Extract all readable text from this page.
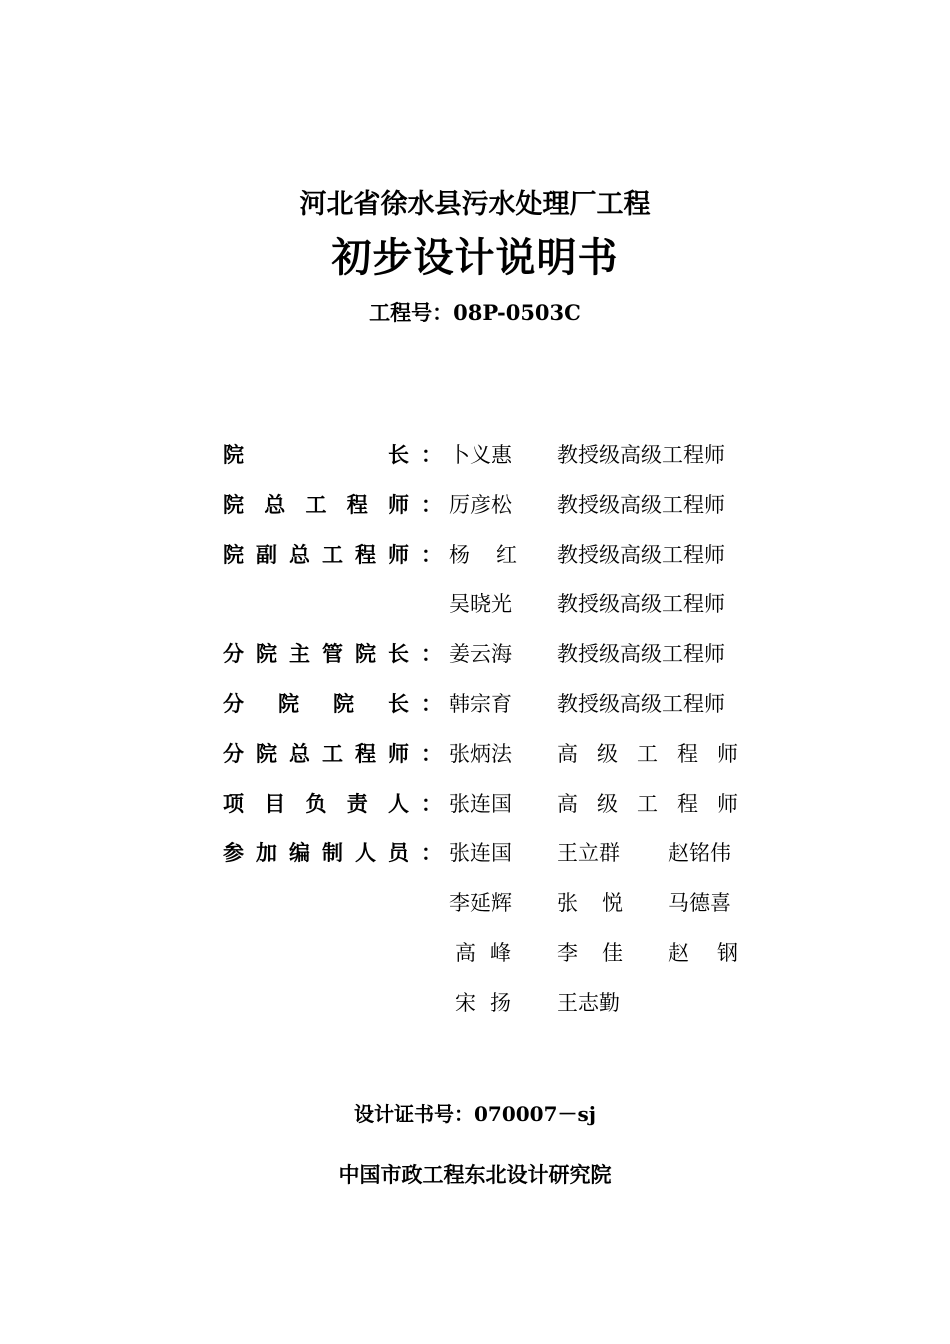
河北省徐水县污水处理厂工程
初步设计说明书
工程号：08P-0503C
院	长 ： 卜义惠 教授级高级工程师
院 总 工 程 师 ： 厉彦松 教授级高级工程师
院 副 总 工 程 师 ： 杨 红 教授级高级工程师
吴晓光 教授级高级工程师
分 院 主 管 院 长 ： 姜云海 教授级高级工程师
分 院 院 长 ： 韩宗育 教授级高级工程师
分 院 总 工 程 师 ： 张炳法 高 级 工 程 师
项 目 负 责 人 ： 张连国 高 级 工 程 师
参 加 编 制 人 员 ： 张连国 王立群 赵铭伟
李延辉 张 悦 马德喜
高 峰 李 佳 赵 钢
宋 扬 王志勤
设计证书号：070007－sj
中国市政工程东北设计研究院
